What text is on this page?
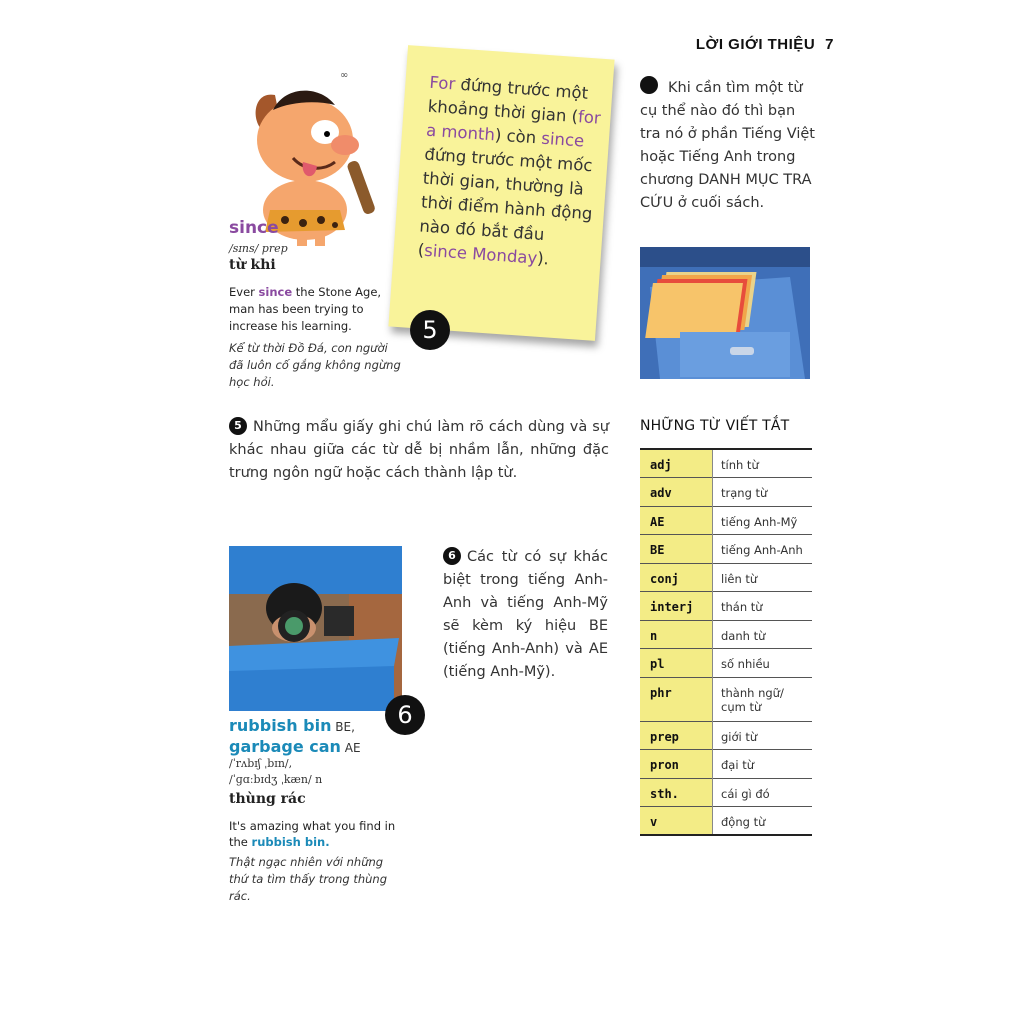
LỜI GIỚI THIỆU 7
∞
since
/sɪns/ prep
từ khi
Ever since the Stone Age, man has been trying to increase his learning.
Kể từ thời Đồ Đá, con người đã luôn cố gắng không ngừng học hỏi.
For đứng trước một khoảng thời gian (for a month) còn since đứng trước một mốc thời gian, thường là thời điểm hành động nào đó bắt đầu (since Monday).
5
Khi cần tìm một từ cụ thể nào đó thì bạn tra nó ở phần Tiếng Việt hoặc Tiếng Anh trong chương DANH MỤC TRA CỨU ở cuối sách.
5 Những mẩu giấy ghi chú làm rõ cách dùng và sự khác nhau giữa các từ dễ bị nhầm lẫn, những đặc trưng ngôn ngữ hoặc cách thành lập từ.
6
rubbish bin BE,
garbage can AE
/ˈrʌbɪʃ ˌbɪn/,
/ˈɡɑːbɪdʒ ˌkæn/ n
thùng rác
It's amazing what you find in the rubbish bin.
Thật ngạc nhiên với những thứ ta tìm thấy trong thùng rác.
6 Các từ có sự khác biệt trong tiếng Anh-Anh và tiếng Anh-Mỹ sẽ kèm ký hiệu BE (tiếng Anh-Anh) và AE (tiếng Anh-Mỹ).
NHỮNG TỪ VIẾT TẮT
adj	tính từ
adv	trạng từ
AE	tiếng Anh-Mỹ
BE	tiếng Anh-Anh
conj	liên từ
interj	thán từ
n	danh từ
pl	số nhiều
phr	thành ngữ/ cụm từ
prep	giới từ
pron	đại từ
sth.	cái gì đó
v	động từ
